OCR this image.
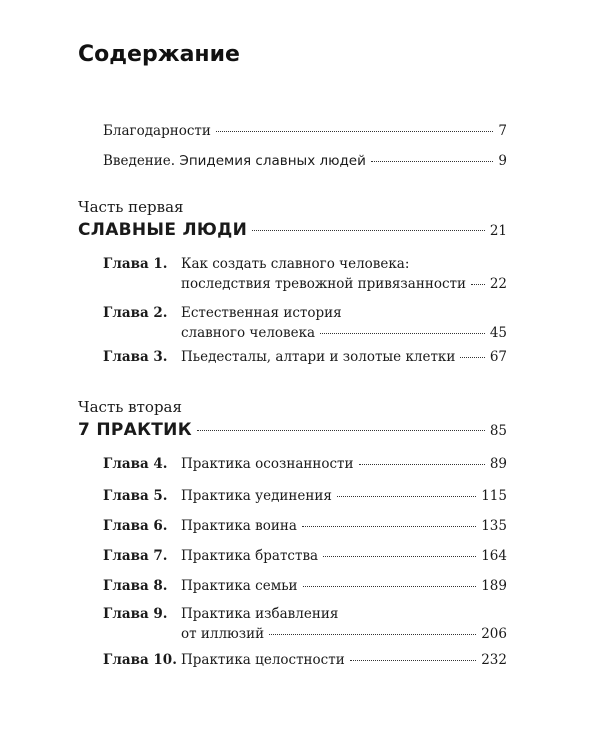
Содержание
Благодарности	7
Введение. Эпидемия славных людей	9
Часть первая
СЛАВНЫЕ ЛЮДИ	21
Глава 1. Как создать славного человека:
последствия тревожной привязанности 22
Глава 2. Естественная история
славного человека	45
Глава 3. Пьедесталы, алтари и золотые клетки	67
Часть вторая
7 ПРАКТИК	85
Глава 4. Практика осознанности	89
Глава 5. Практика уединения	115
Глава 6. Практика воина	135
Глава 7. Практика братства	164
Глава 8. Практика семьи	189
Глава 9. Практика избавления
от иллюзий	206
Глава 10. Практика целостности	232
